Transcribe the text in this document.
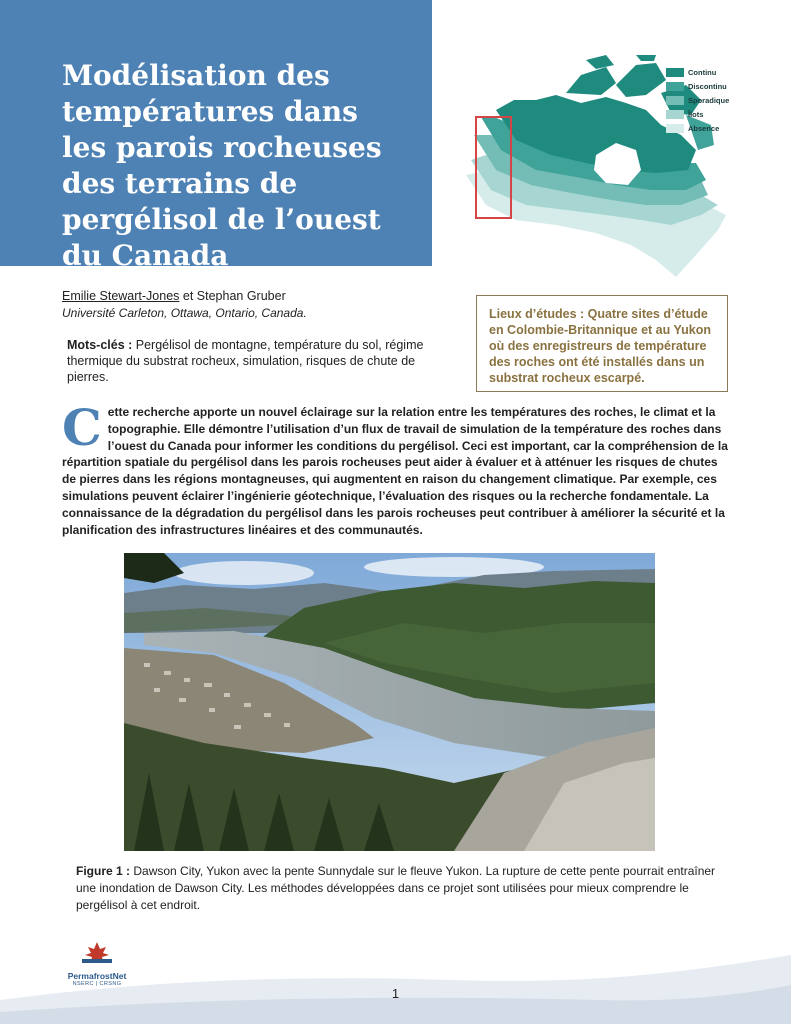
Modélisation des températures dans les parois rocheuses des terrains de pergélisol de l’ouest du Canada
Continu
Discontinu
Sporadique
Îlots
Absence
Emilie Stewart-Jones et Stephan Gruber
Université Carleton, Ottawa, Ontario, Canada.
Mots-clés : Pergélisol de montagne, température du sol, régime thermique du substrat rocheux, simulation, risques de chute de pierres.
Lieux d’études : Quatre sites d’étude en Colombie-Britannique et au Yukon où des enregistreurs de température des roches ont été installés dans un substrat rocheux escarpé.
Cette recherche apporte un nouvel éclairage sur la relation entre les températures des roches, le climat et la topographie. Elle démontre l’utilisation d’un flux de travail de simulation de la température des roches dans l’ouest du Canada pour informer les conditions du pergélisol. Ceci est important, car la compréhension de la répartition spatiale du pergélisol dans les parois rocheuses peut aider à évaluer et à atténuer les risques de chutes de pierres dans les régions montagneuses, qui augmentent en raison du changement climatique. Par exemple, ces simulations peuvent éclairer l’ingénierie géotechnique, l’évaluation des risques ou la recherche fondamentale. La connaissance de la dégradation du pergélisol dans les parois rocheuses peut contribuer à améliorer la sécurité et la planification des infrastructures linéaires et des communautés.
Figure 1 : Dawson City, Yukon avec la pente Sunnydale sur le fleuve Yukon. La rupture de cette pente pourrait entraîner une inondation de Dawson City. Les méthodes développées dans ce projet sont utilisées pour mieux comprendre le pergélisol à cet endroit.
PermafrostNet
NSERC | CRSNG
1
